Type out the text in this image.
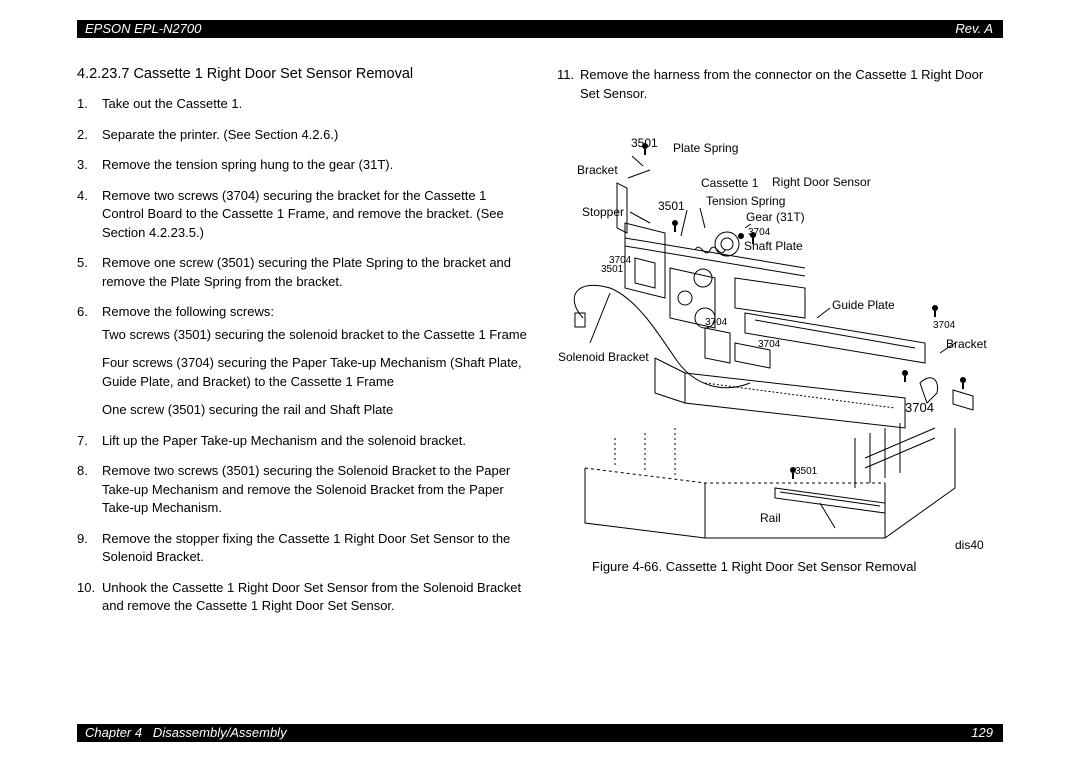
EPSON EPL-N2700	Rev. A
4.2.23.7 Cassette 1 Right Door Set Sensor Removal
1. Take out the Cassette 1.
2. Separate the printer. (See Section 4.2.6.)
3. Remove the tension spring hung to the gear (31T).
4. Remove two screws (3704) securing the bracket for the Cassette 1 Control Board to the Cassette 1 Frame, and remove the bracket. (See Section 4.2.23.5.)
5. Remove one screw (3501) securing the Plate Spring to the bracket and remove the Plate Spring from the bracket.
6. Remove the following screws:

Two screws (3501) securing the solenoid bracket to the Cassette 1 Frame

Four screws (3704) securing the Paper Take-up Mechanism (Shaft Plate, Guide Plate, and Bracket) to the Cassette 1 Frame

One screw (3501) securing the rail and Shaft Plate

7. Lift up the Paper Take-up Mechanism and the solenoid bracket.
8. Remove two screws (3501) securing the Solenoid Bracket to the Paper Take-up Mechanism and remove the Solenoid Bracket from the Paper Take-up Mechanism.
9. Remove the stopper fixing the Cassette 1 Right Door Set Sensor to the Solenoid Bracket.
10. Unhook the Cassette 1 Right Door Set Sensor from the Solenoid Bracket and remove the Cassette 1 Right Door Set Sensor.
11. Remove the harness from the connector on the Cassette 1 Right Door Set Sensor.
3501 Plate Spring
Bracket
Cassette 1 Right Door Sensor
Stopper	3501 Tension Spring
Gear (31T)
3704
Shaft Plate
3704
3501
Guide Plate
3704	3704
Bracket
3704
Solenoid Bracket
3704
3501
Rail
dis40
Figure 4-66. Cassette 1 Right Door Set Sensor Removal
Chapter 4   Disassembly/Assembly	129
